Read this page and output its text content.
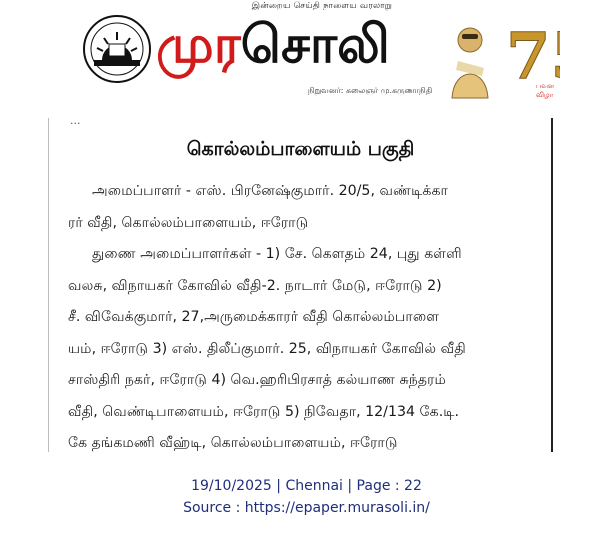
இன்றைய செய்தி நாளைய வரலாறு
முரசொலி
நிறுவனர்: கலைஞர் மு.கருணாநிதி 7
பவள
விழா
...
கொல்லம்பாளையம் பகுதி
அமைப்பாளர் - எஸ். பிரனேஷ்குமார். 20/5, வண்டிக்கா
ரர் வீதி, கொல்லம்பாளையம், ஈரோடு
துணை அமைப்பாளர்கள் - 1) சே. கௌதம் 24, புது கள்ளி
வலசு, விநாயகர் கோவில் வீதி-2. நாடார் மேடு, ஈரோடு 2)
சீ. விவேக்குமார், 27,அருமைக்காரர் வீதி கொல்லம்பாளை
யம், ஈரோடு 3) எஸ். திலீப்குமார். 25, விநாயகர் கோவில் வீதி
சாஸ்திரி நகர், ஈரோடு 4) வெ.ஹரிபிரசாத் கல்யாண சுந்தரம்
வீதி, வெண்டிபாளையம், ஈரோடு 5) நிவேதா, 12/134 கே.டி.
கே தங்கமணி வீஹ்டி, கொல்லம்பாளையம், ஈரோடு
19/10/2025 | Chennai | Page : 22
Source : https://epaper.murasoli.in/
